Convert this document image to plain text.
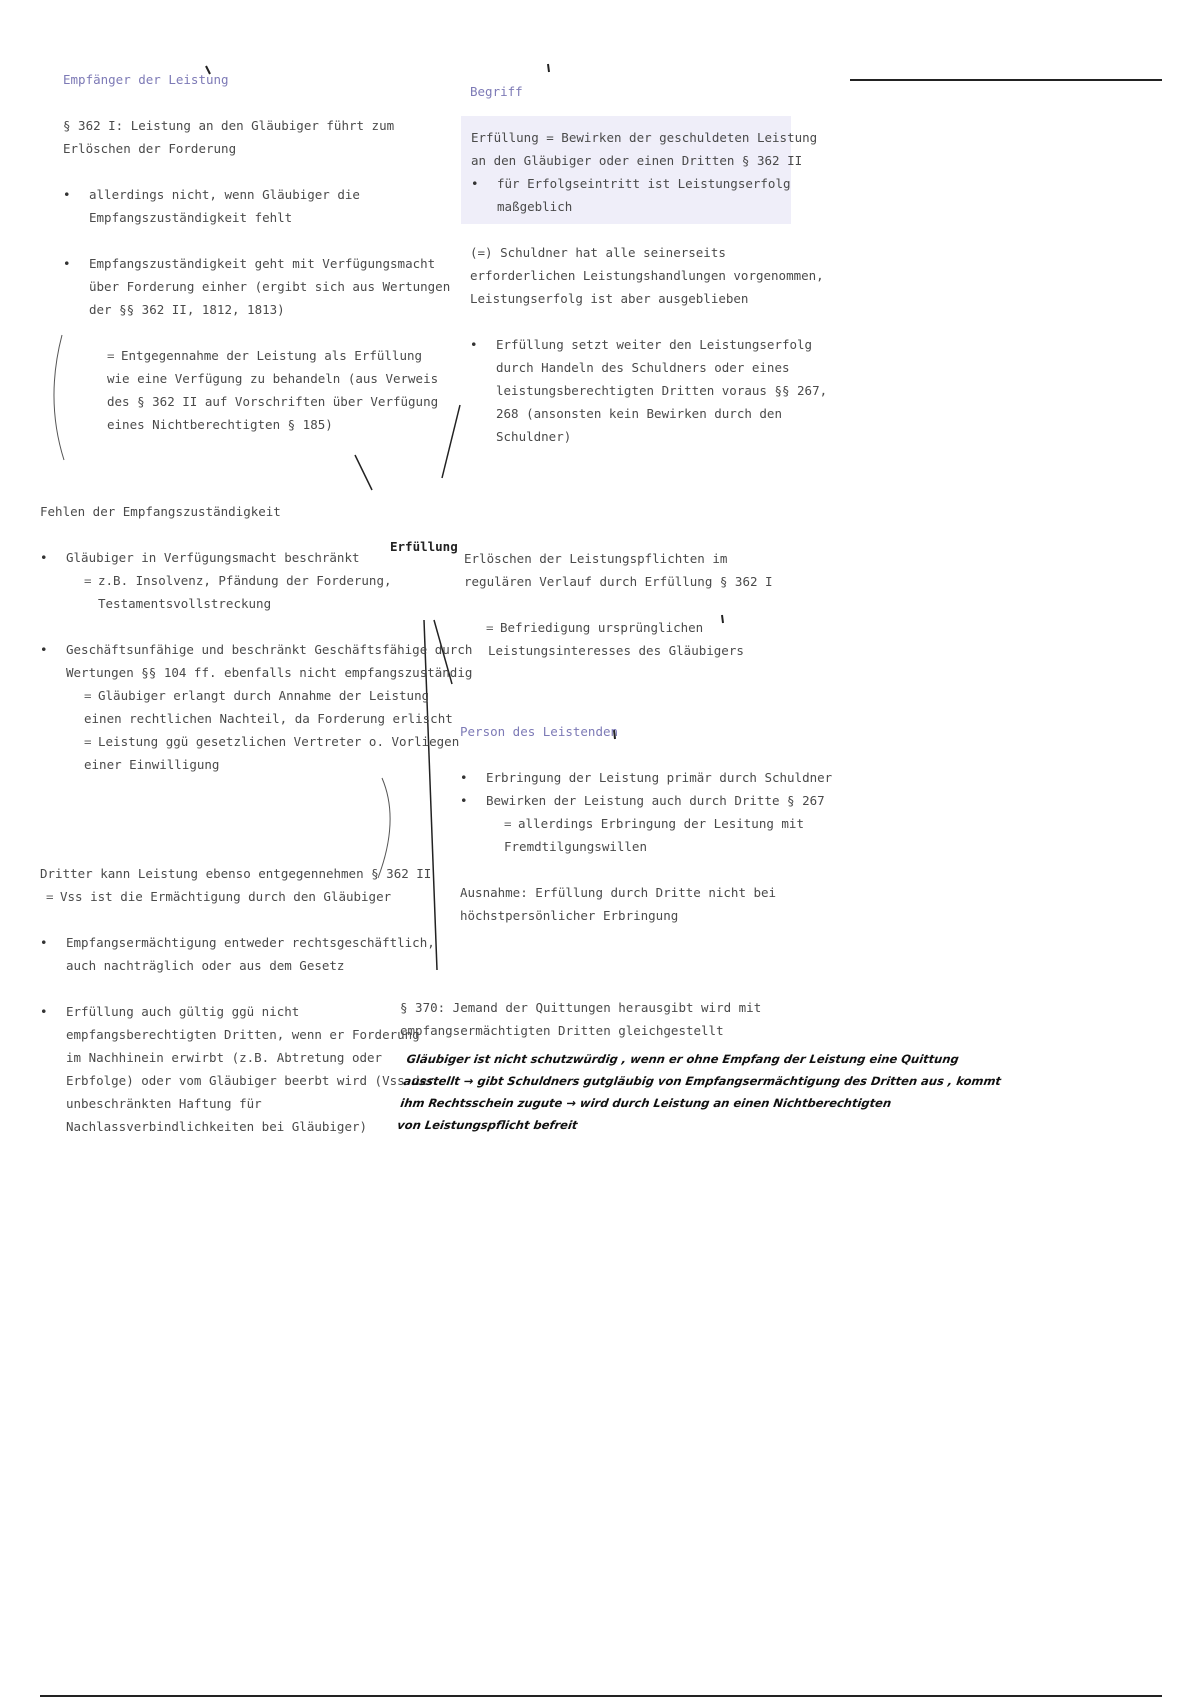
Empfänger der Leistung

§ 362 I: Leistung an den Gläubiger führt zum

Erlöschen der Forderung

• allerdings nicht, wenn Gläubiger die
Empfangszuständigkeit fehlt
• Empfangszuständigkeit geht mit Verfügungsmacht
über Forderung einher (ergibt sich aus Wertungen
der §§ 362 II, 1812, 1813)
= Entgegennahme der Leistung als Erfüllung
wie eine Verfügung zu behandeln (aus Verweis
des § 362 II auf Vorschriften über Verfügung
eines Nichtberechtigten § 185)

Begriff

Erfüllung = Bewirken der geschuldeten Leistung
an den Gläubiger oder einen Dritten § 362 II
• für Erfolgseintritt ist Leistungserfolg
maßgeblich
(=) Schuldner hat alle seinerseits
erforderlichen Leistungshandlungen vorgenommen,
Leistungserfolg ist aber ausgeblieben
• Erfüllung setzt weiter den Leistungserfolg
durch Handeln des Schuldners oder eines
leistungsberechtigten Dritten voraus §§ 267,
268 (ansonsten kein Bewirken durch den
Schuldner)
Erfüllung

Fehlen der Empfangszuständigkeit

• Gläubiger in Verfügungsmacht beschränkt
= z.B. Insolvenz, Pfändung der Forderung,
Testamentsvollstreckung
• Geschäftsunfähige und beschränkt Geschäftsfähige durch
Wertungen §§ 104 ff. ebenfalls nicht empfangszuständig
= Gläubiger erlangt durch Annahme der Leistung
einen rechtlichen Nachteil, da Forderung erlischt
= Leistung ggü gesetzlichen Vertreter o. Vorliegen
einer Einwilligung

Dritter kann Leistung ebenso entgegennehmen § 362 II

= Vss ist die Ermächtigung durch den Gläubiger
• Empfangsermächtigung entweder rechtsgeschäftlich,
auch nachträglich oder aus dem Gesetz
• Erfüllung auch gültig ggü nicht
empfangsberechtigten Dritten, wenn er Forderung
im Nachhinein erwirbt (z.B. Abtretung oder
Erbfolge) oder vom Gläubiger beerbt wird (Vss der
unbeschränkten Haftung für
Nachlassverbindlichkeiten bei Gläubiger)
Erlöschen der Leistungspflichten im
regulären Verlauf durch Erfüllung § 362 I
= Befriedigung ursprünglichen
Leistungsinteresses des Gläubigers

Person des Leistenden

• Erbringung der Leistung primär durch Schuldner
• Bewirken der Leistung auch durch Dritte § 267
= allerdings Erbringung der Lesitung mit
Fremdtilgungswillen
Ausnahme: Erfüllung durch Dritte nicht bei
höchstpersönlicher Erbringung
§ 370: Jemand der Quittungen herausgibt wird mit
empfangsermächtigten Dritten gleichgestellt
Gläubiger ist nicht schutzwürdig , wenn er ohne Empfang der Leistung eine Quittung
ausstellt → gibt Schuldners gutgläubig von Empfangsermächtigung des Dritten aus , kommt
ihm Rechtsschein zugute → wird durch Leistung an einen Nichtberechtigten
von Leistungspflicht befreit
